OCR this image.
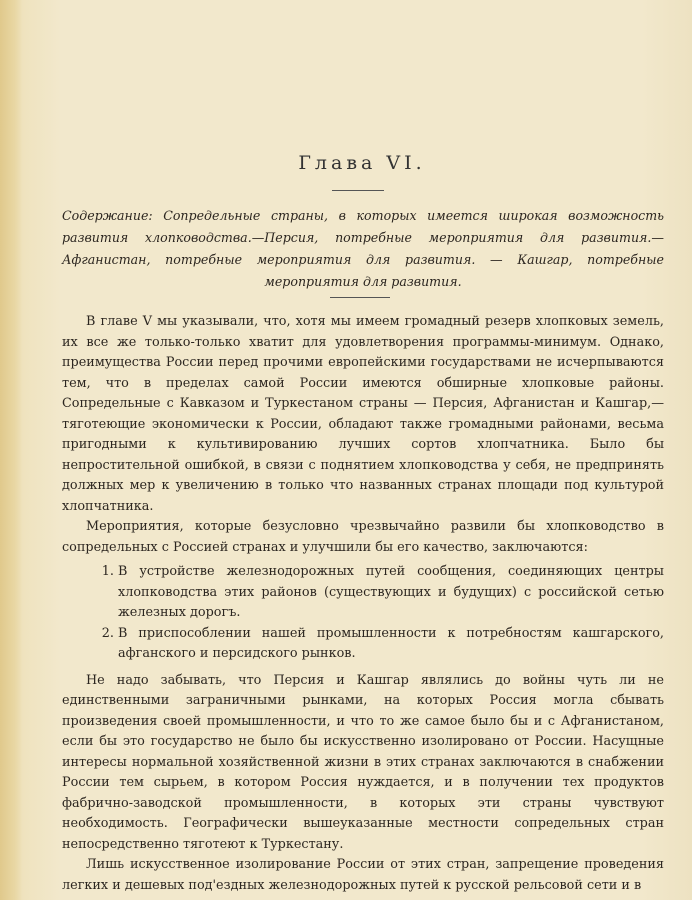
Глава VI.
Содержание: Сопредельные страны, в которых имеется широкая возможность развития хлопководства.—Персия, потребные мероприятия для развития.—Афганистан, потребные мероприятия для развития. — Кашгар, потребные мероприятия для развития.

В главе V мы указывали, что, хотя мы имеем громадный резерв хлопковых земель, их все же только-только хватит для удовлетворения программы-минимум. Однако, преимущества России перед прочими европейскими государствами не исчерпываются тем, что в пределах самой России имеются обширные хлопковые районы. Сопредельные с Кавказом и Туркестаном страны — Персия, Афганистан и Кашгар,— тяготеющие экономически к России, обладают также громадными районами, весьма пригодными к культивированию лучших сортов хлопчатника. Было бы непростительной ошибкой, в связи с поднятием хлопководства у себя, не предпринять должных мер к увеличению в только что названных странах площади под культурой хлопчатника.

Мероприятия, которые безусловно чрезвычайно развили бы хлопководство в сопредельных с Россией странах и улучшили бы его качество, заключаются:

1. В устройстве железнодорожных путей сообщения, соединяющих центры хлопководства этих районов (существующих и будущих) с российской сетью железных дорогъ.
2. В приспособлении нашей промышленности к потребностям кашгарского, афганского и персидского рынков.

Не надо забывать, что Персия и Кашгар являлись до войны чуть ли не единственными заграничными рынками, на которых Россия могла сбывать произведения своей промышленности, и что то же самое было бы и с Афганистаном, если бы это государство не было бы искусственно изолировано от России. Насущные интересы нормальной хозяйственной жизни в этих странах заключаются в снабжении России тем сырьем, в котором Россия нуждается, и в получении тех продуктов фабрично-заводской промышленности, в которых эти страны чувствуют необходимость. Географически вышеуказанные местности сопредельных стран непосредственно тяготеют к Туркестану.

Лишь искусственное изолирование России от этих стран, запрещение проведения легких и дешевых под'ездных железнодорожных путей к русской рельсовой сети и в
